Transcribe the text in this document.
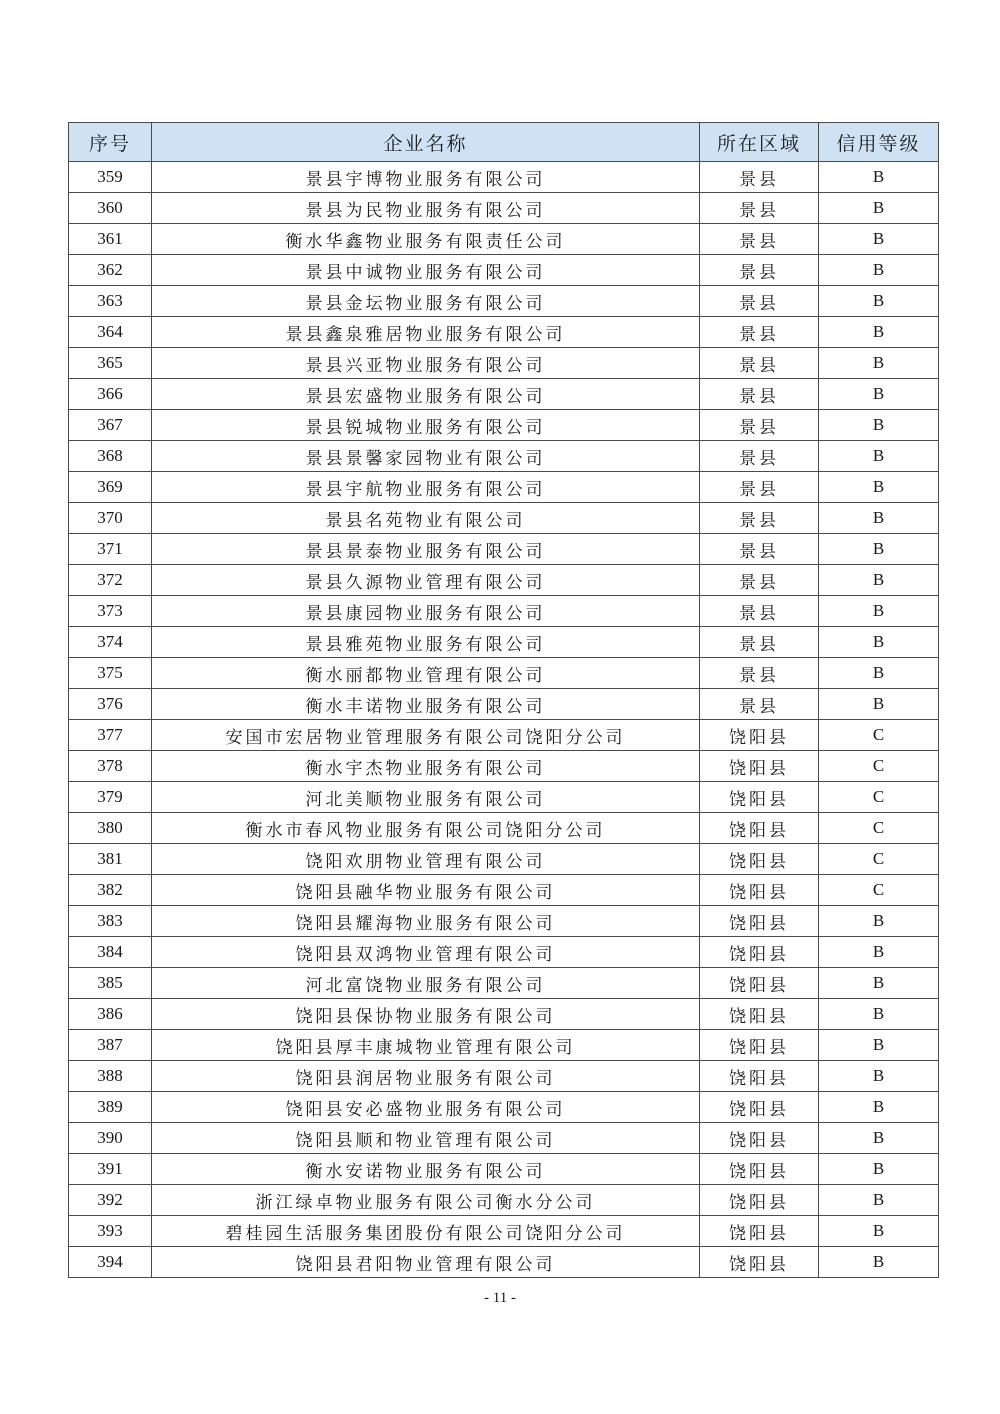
序号	企业名称	所在区域	信用等级
359	景县宇博物业服务有限公司	景县	B
360	景县为民物业服务有限公司	景县	B
361	衡水华鑫物业服务有限责任公司	景县	B
362	景县中诚物业服务有限公司	景县	B
363	景县金坛物业服务有限公司	景县	B
364	景县鑫泉雅居物业服务有限公司	景县	B
365	景县兴亚物业服务有限公司	景县	B
366	景县宏盛物业服务有限公司	景县	B
367	景县锐城物业服务有限公司	景县	B
368	景县景馨家园物业有限公司	景县	B
369	景县宇航物业服务有限公司	景县	B
370	景县名苑物业有限公司	景县	B
371	景县景泰物业服务有限公司	景县	B
372	景县久源物业管理有限公司	景县	B
373	景县康园物业服务有限公司	景县	B
374	景县雅苑物业服务有限公司	景县	B
375	衡水丽都物业管理有限公司	景县	B
376	衡水丰诺物业服务有限公司	景县	B
377	安国市宏居物业管理服务有限公司饶阳分公司	饶阳县	C
378	衡水宇杰物业服务有限公司	饶阳县	C
379	河北美顺物业服务有限公司	饶阳县	C
380	衡水市春风物业服务有限公司饶阳分公司	饶阳县	C
381	饶阳欢朋物业管理有限公司	饶阳县	C
382	饶阳县融华物业服务有限公司	饶阳县	C
383	饶阳县耀海物业服务有限公司	饶阳县	B
384	饶阳县双鸿物业管理有限公司	饶阳县	B
385	河北富饶物业服务有限公司	饶阳县	B
386	饶阳县保协物业服务有限公司	饶阳县	B
387	饶阳县厚丰康城物业管理有限公司	饶阳县	B
388	饶阳县润居物业服务有限公司	饶阳县	B
389	饶阳县安必盛物业服务有限公司	饶阳县	B
390	饶阳县顺和物业管理有限公司	饶阳县	B
391	衡水安诺物业服务有限公司	饶阳县	B
392	浙江绿卓物业服务有限公司衡水分公司	饶阳县	B
393	碧桂园生活服务集团股份有限公司饶阳分公司	饶阳县	B
394	饶阳县君阳物业管理有限公司	饶阳县	B
- 11 -
